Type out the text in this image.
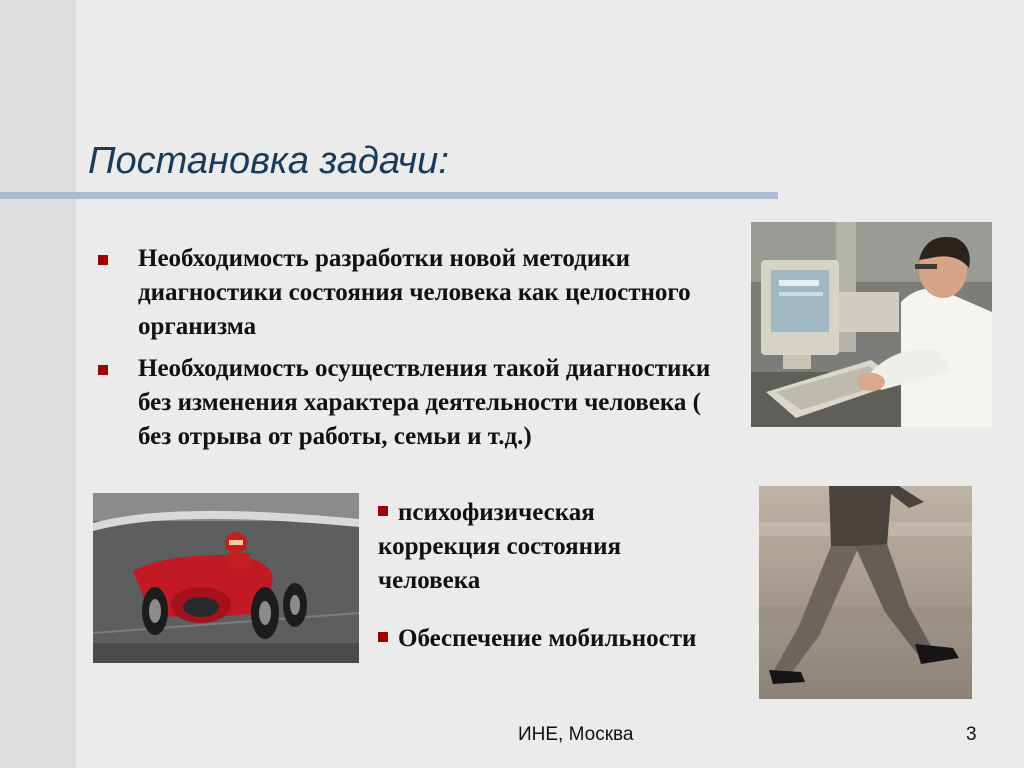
Постановка задачи:
Необходимость разработки новой методики диагностики состояния человека как целостного организма
Необходимость осуществления такой диагностики без изменения характера деятельности человека ( без отрыва от работы, семьи и т.д.)
психофизическая коррекция состояния человека
Обеспечение мобильности
ИНЕ, Москва	3
